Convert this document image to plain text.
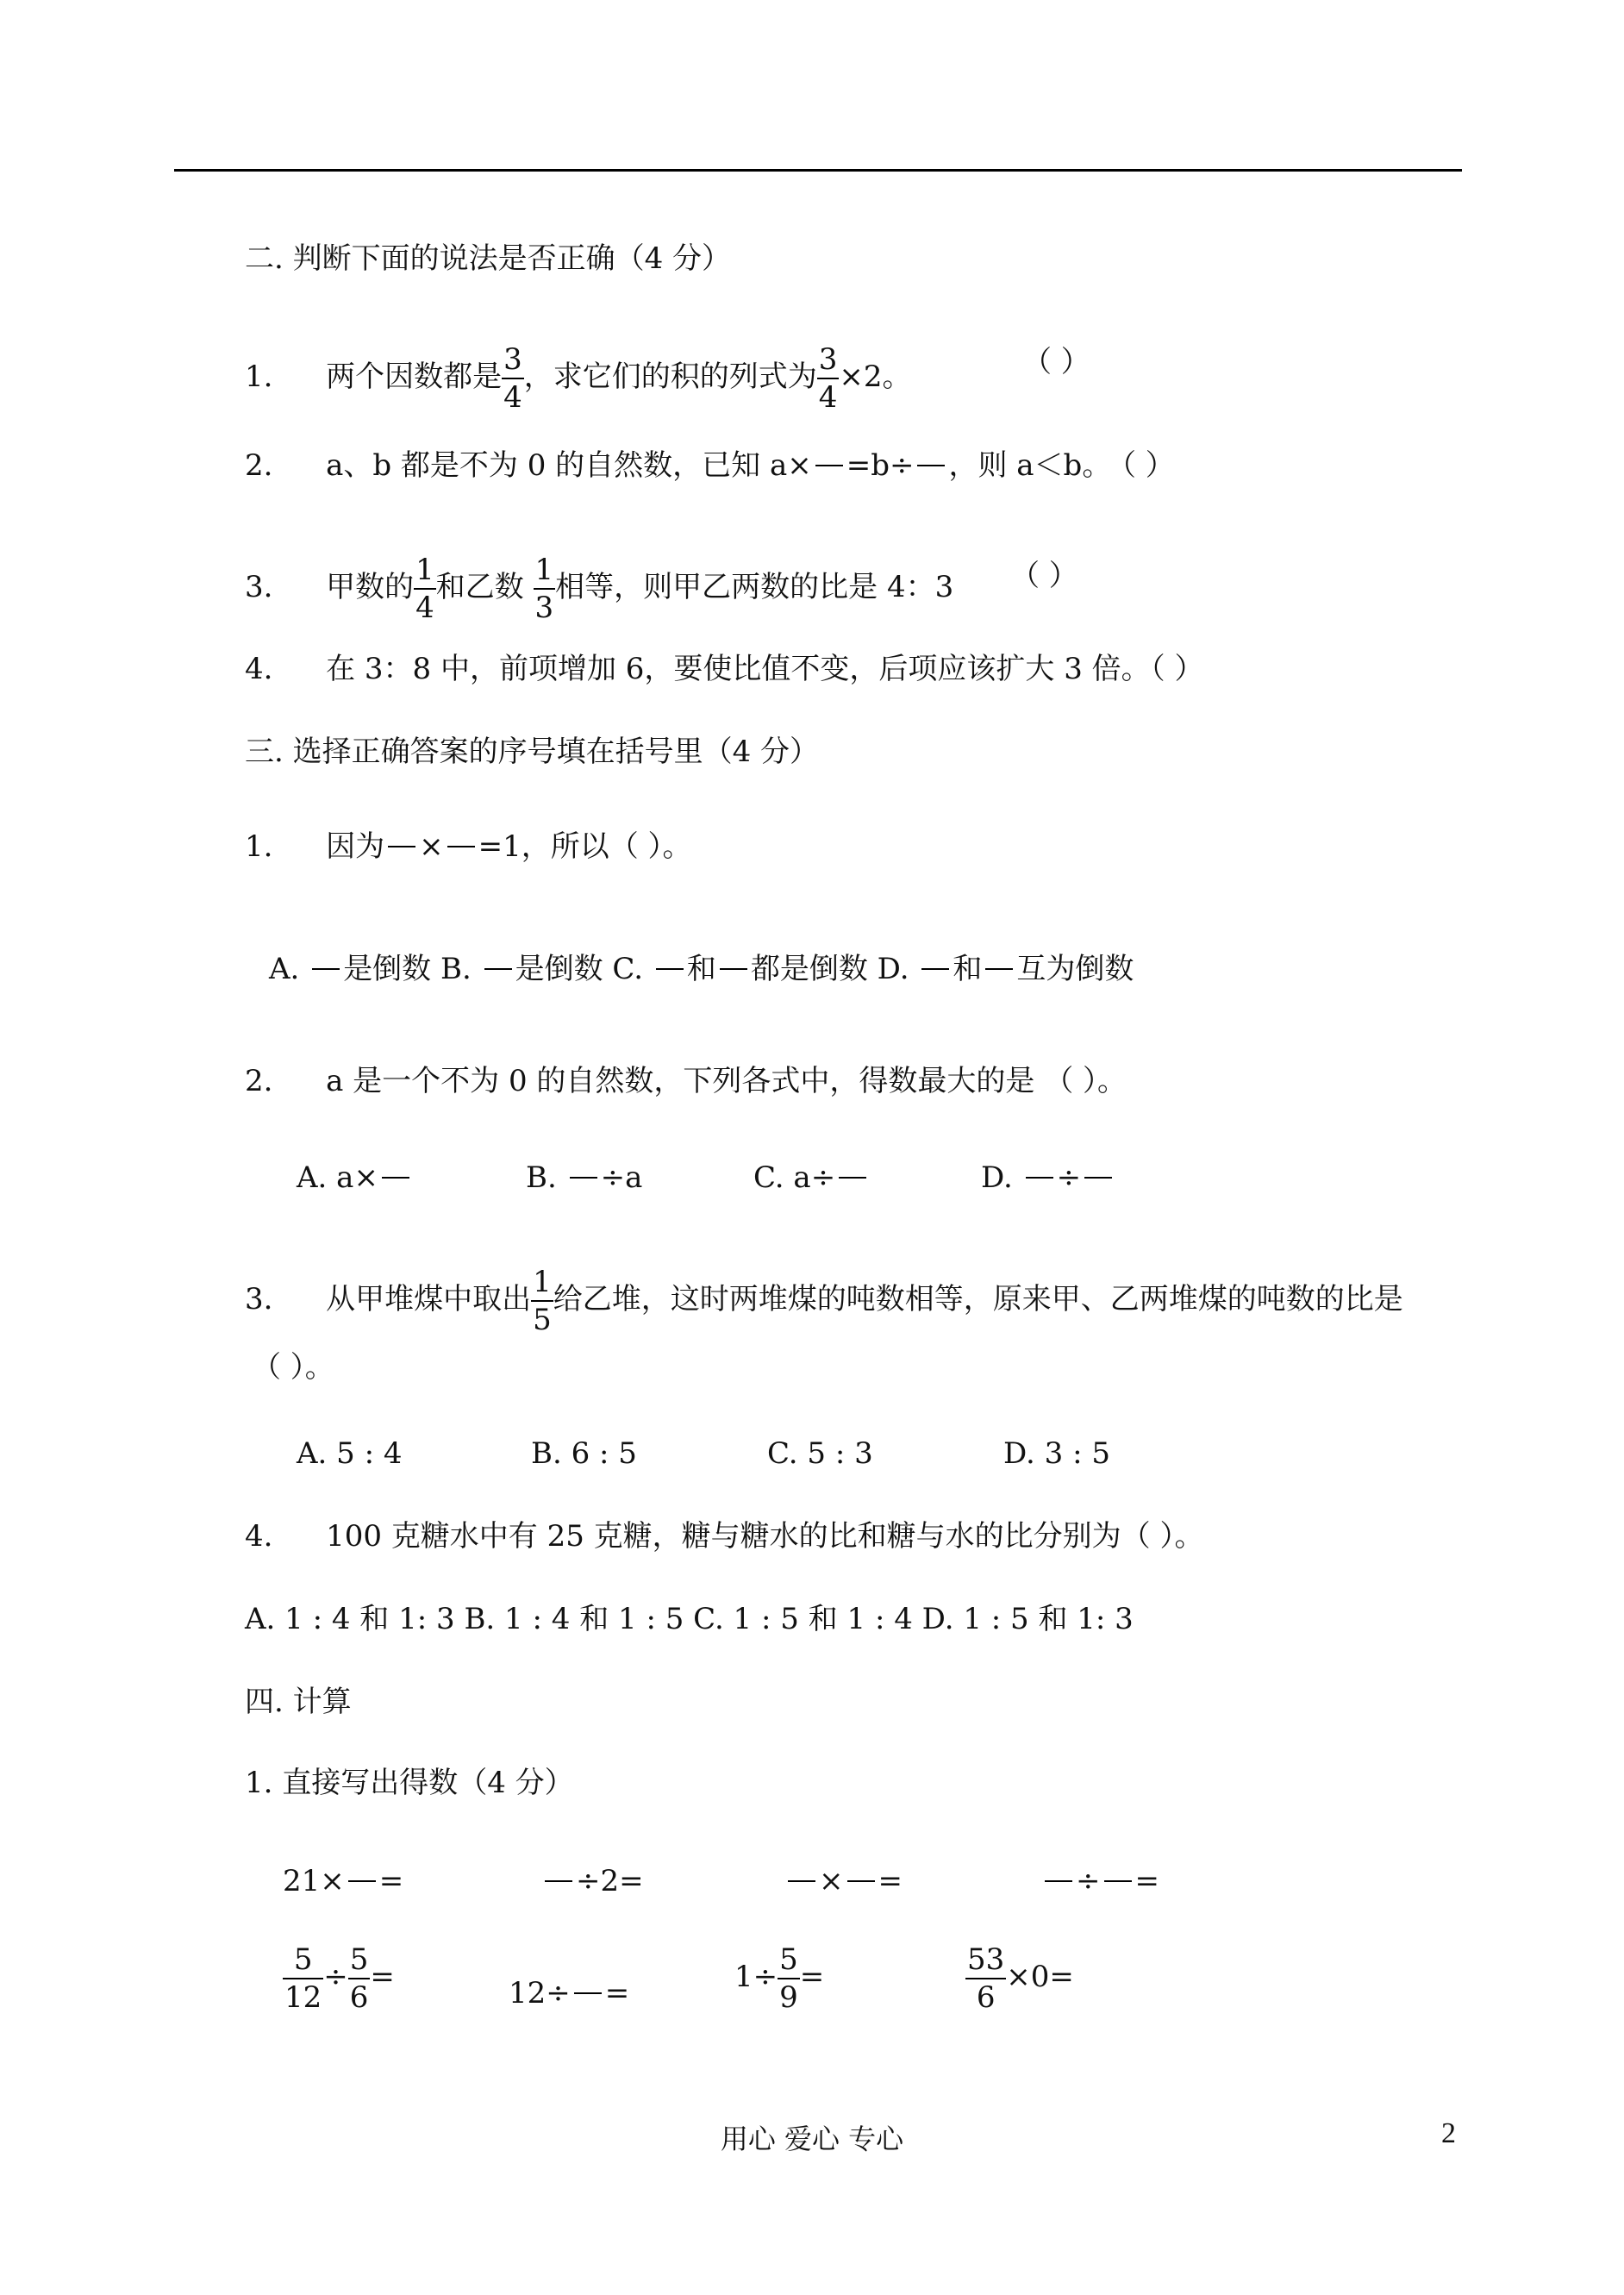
二. 判断下面的说法是否正确（4 分）
1. 两个因数都是 $\frac{3}{4}$ ，求它们的积的列式为 $\frac{3}{4} \times 2$。	（ ）
2. a、b 都是不为 0 的自然数，已知 a× =b÷ ，则 a＜b。
（ ）
3. 甲数的 $\frac{1}{4}$ 和乙数 $\frac{1}{3}$ 相等，则甲乙两数的比是 4：3 （ ）
4. 在 3：8 中，前项增加 6，要使比值不变，后项应该扩大 3 倍。（ ）
三. 选择正确答案的序号填在括号里（4 分）
1. 因为 × =1，所以（ ）。
A. 是倒数 B. 是倒数 C. 和 都是倒数 D. 和 互为倒数
2. a 是一个不为 0 的自然数，下列各式中，得数最大的是 （ ）。
A. a×	B. ÷a	C. a÷	D. ÷
3. 从甲堆煤中取出 $\frac{1}{5}$ 给乙堆，这时两堆煤的吨数相等，原来甲、乙两堆煤的吨数的比是
（ ）。
A. 5 : 4	B. 6 : 5	C. 5 : 3	D. 3 : 5
4. 100 克糖水中有 25 克糖，糖与糖水的比和糖与水的比分别为（ ）。
A. 1 : 4 和 1: 3 B. 1 : 4 和 1 : 5 C. 1 : 5 和 1 : 4 D. 1 : 5 和 1: 3
四. 计算
1. 直接写出得数（4 分）
21× =	÷2=	× =	÷ =
$\frac{5}{12} \div \frac{5}{6}$ =	12÷ =	$1\div \frac{5}{9}$ =	$\frac{53}{6} \times 0=$
用心 爱心 专心	2
